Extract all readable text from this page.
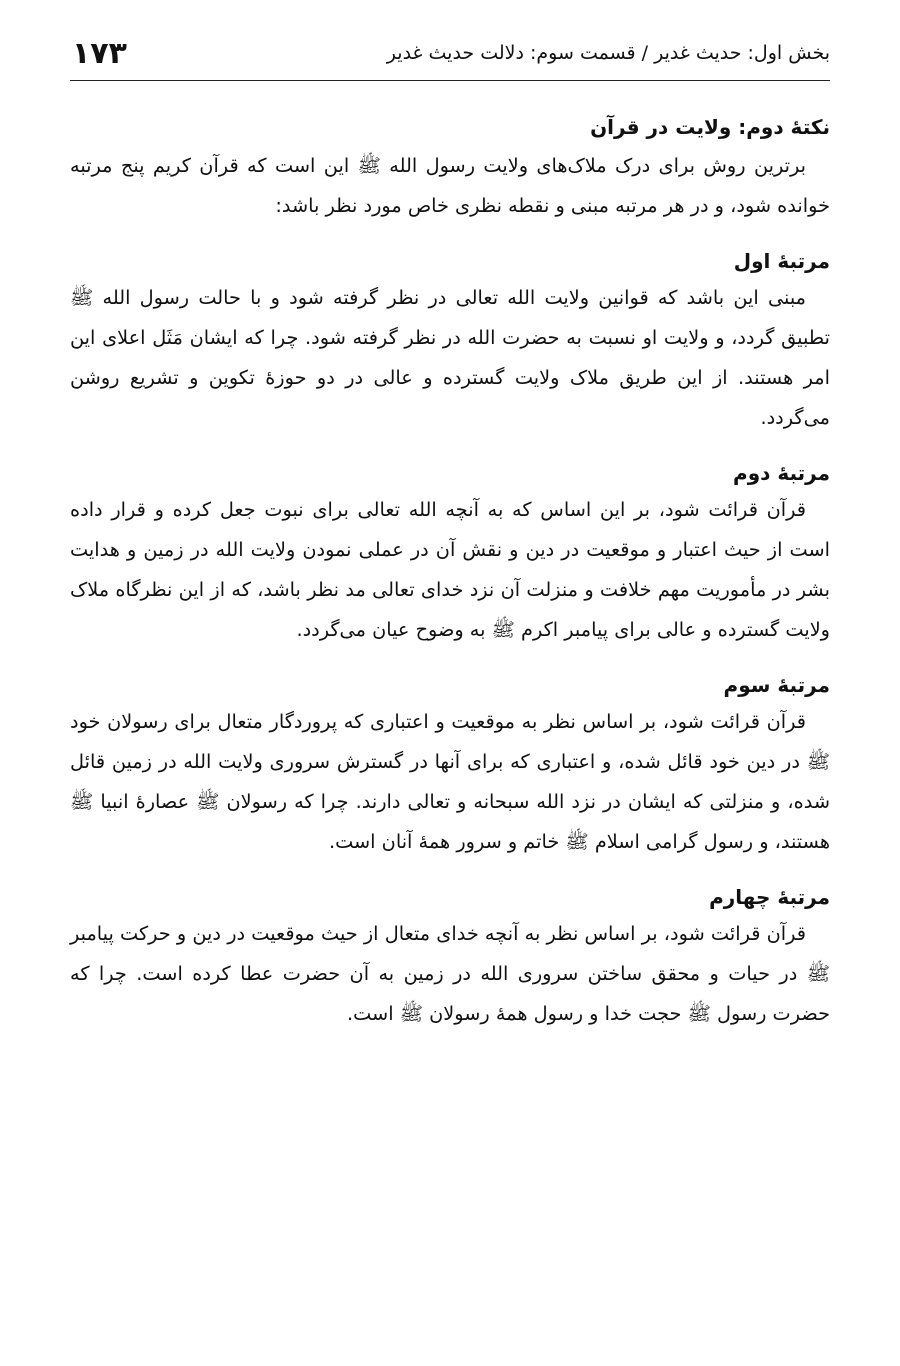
۱۷۳	بخش اول: حدیث غدیر / قسمت سوم: دلالت حدیث غدیر
نکتهٔ دوم: ولایت در قرآن

برترین روش برای درک ملاک‌های ولایت رسول الله ﷺ این است که قرآن کریم پنج مرتبه خوانده شود، و در هر مرتبه مبنی و نقطه نظری خاص مورد نظر باشد:

مرتبهٔ اول

مبنی این باشد که قوانین ولایت الله تعالی در نظر گرفته شود و با حالت رسول الله ﷺ تطبیق گردد، و ولایت او نسبت به حضرت الله در نظر گرفته شود. چرا که ایشان مَثَل اعلای این امر هستند. از این طریق ملاک ولایت گسترده و عالی در دو حوزهٔ تکوین و تشریع روشن می‌گردد.

مرتبهٔ دوم

قرآن قرائت شود، بر این اساس که به آنچه الله تعالی برای نبوت جعل کرده و قرار داده است از حیث اعتبار و موقعیت در دین و نقش آن در عملی نمودن ولایت الله در زمین و هدایت بشر در مأموریت مهم خلافت و منزلت آن نزد خدای تعالی مد نظر باشد، که از این نظرگاه ملاک ولایت گسترده و عالی برای پیامبر اکرم ﷺ به وضوح عیان می‌گردد.

مرتبهٔ سوم

قرآن قرائت شود، بر اساس نظر به موقعیت و اعتباری که پروردگار متعال برای رسولان خود ﷺ در دین خود قائل شده، و اعتباری که برای آنها در گسترش سروری ولایت الله در زمین قائل شده، و منزلتی که ایشان در نزد الله سبحانه و تعالی دارند. چرا که رسولان ﷺ عصارهٔ انبیا ﷺ هستند، و رسول گرامی اسلام ﷺ خاتم و سرور همهٔ آنان است.

مرتبهٔ چهارم

قرآن قرائت شود، بر اساس نظر به آنچه خدای متعال از حیث موقعیت در دین و حرکت پیامبر ﷺ در حیات و محقق ساختن سروری الله در زمین به آن حضرت عطا کرده است. چرا که حضرت رسول ﷺ حجت خدا و رسول همهٔ رسولان ﷺ است.
